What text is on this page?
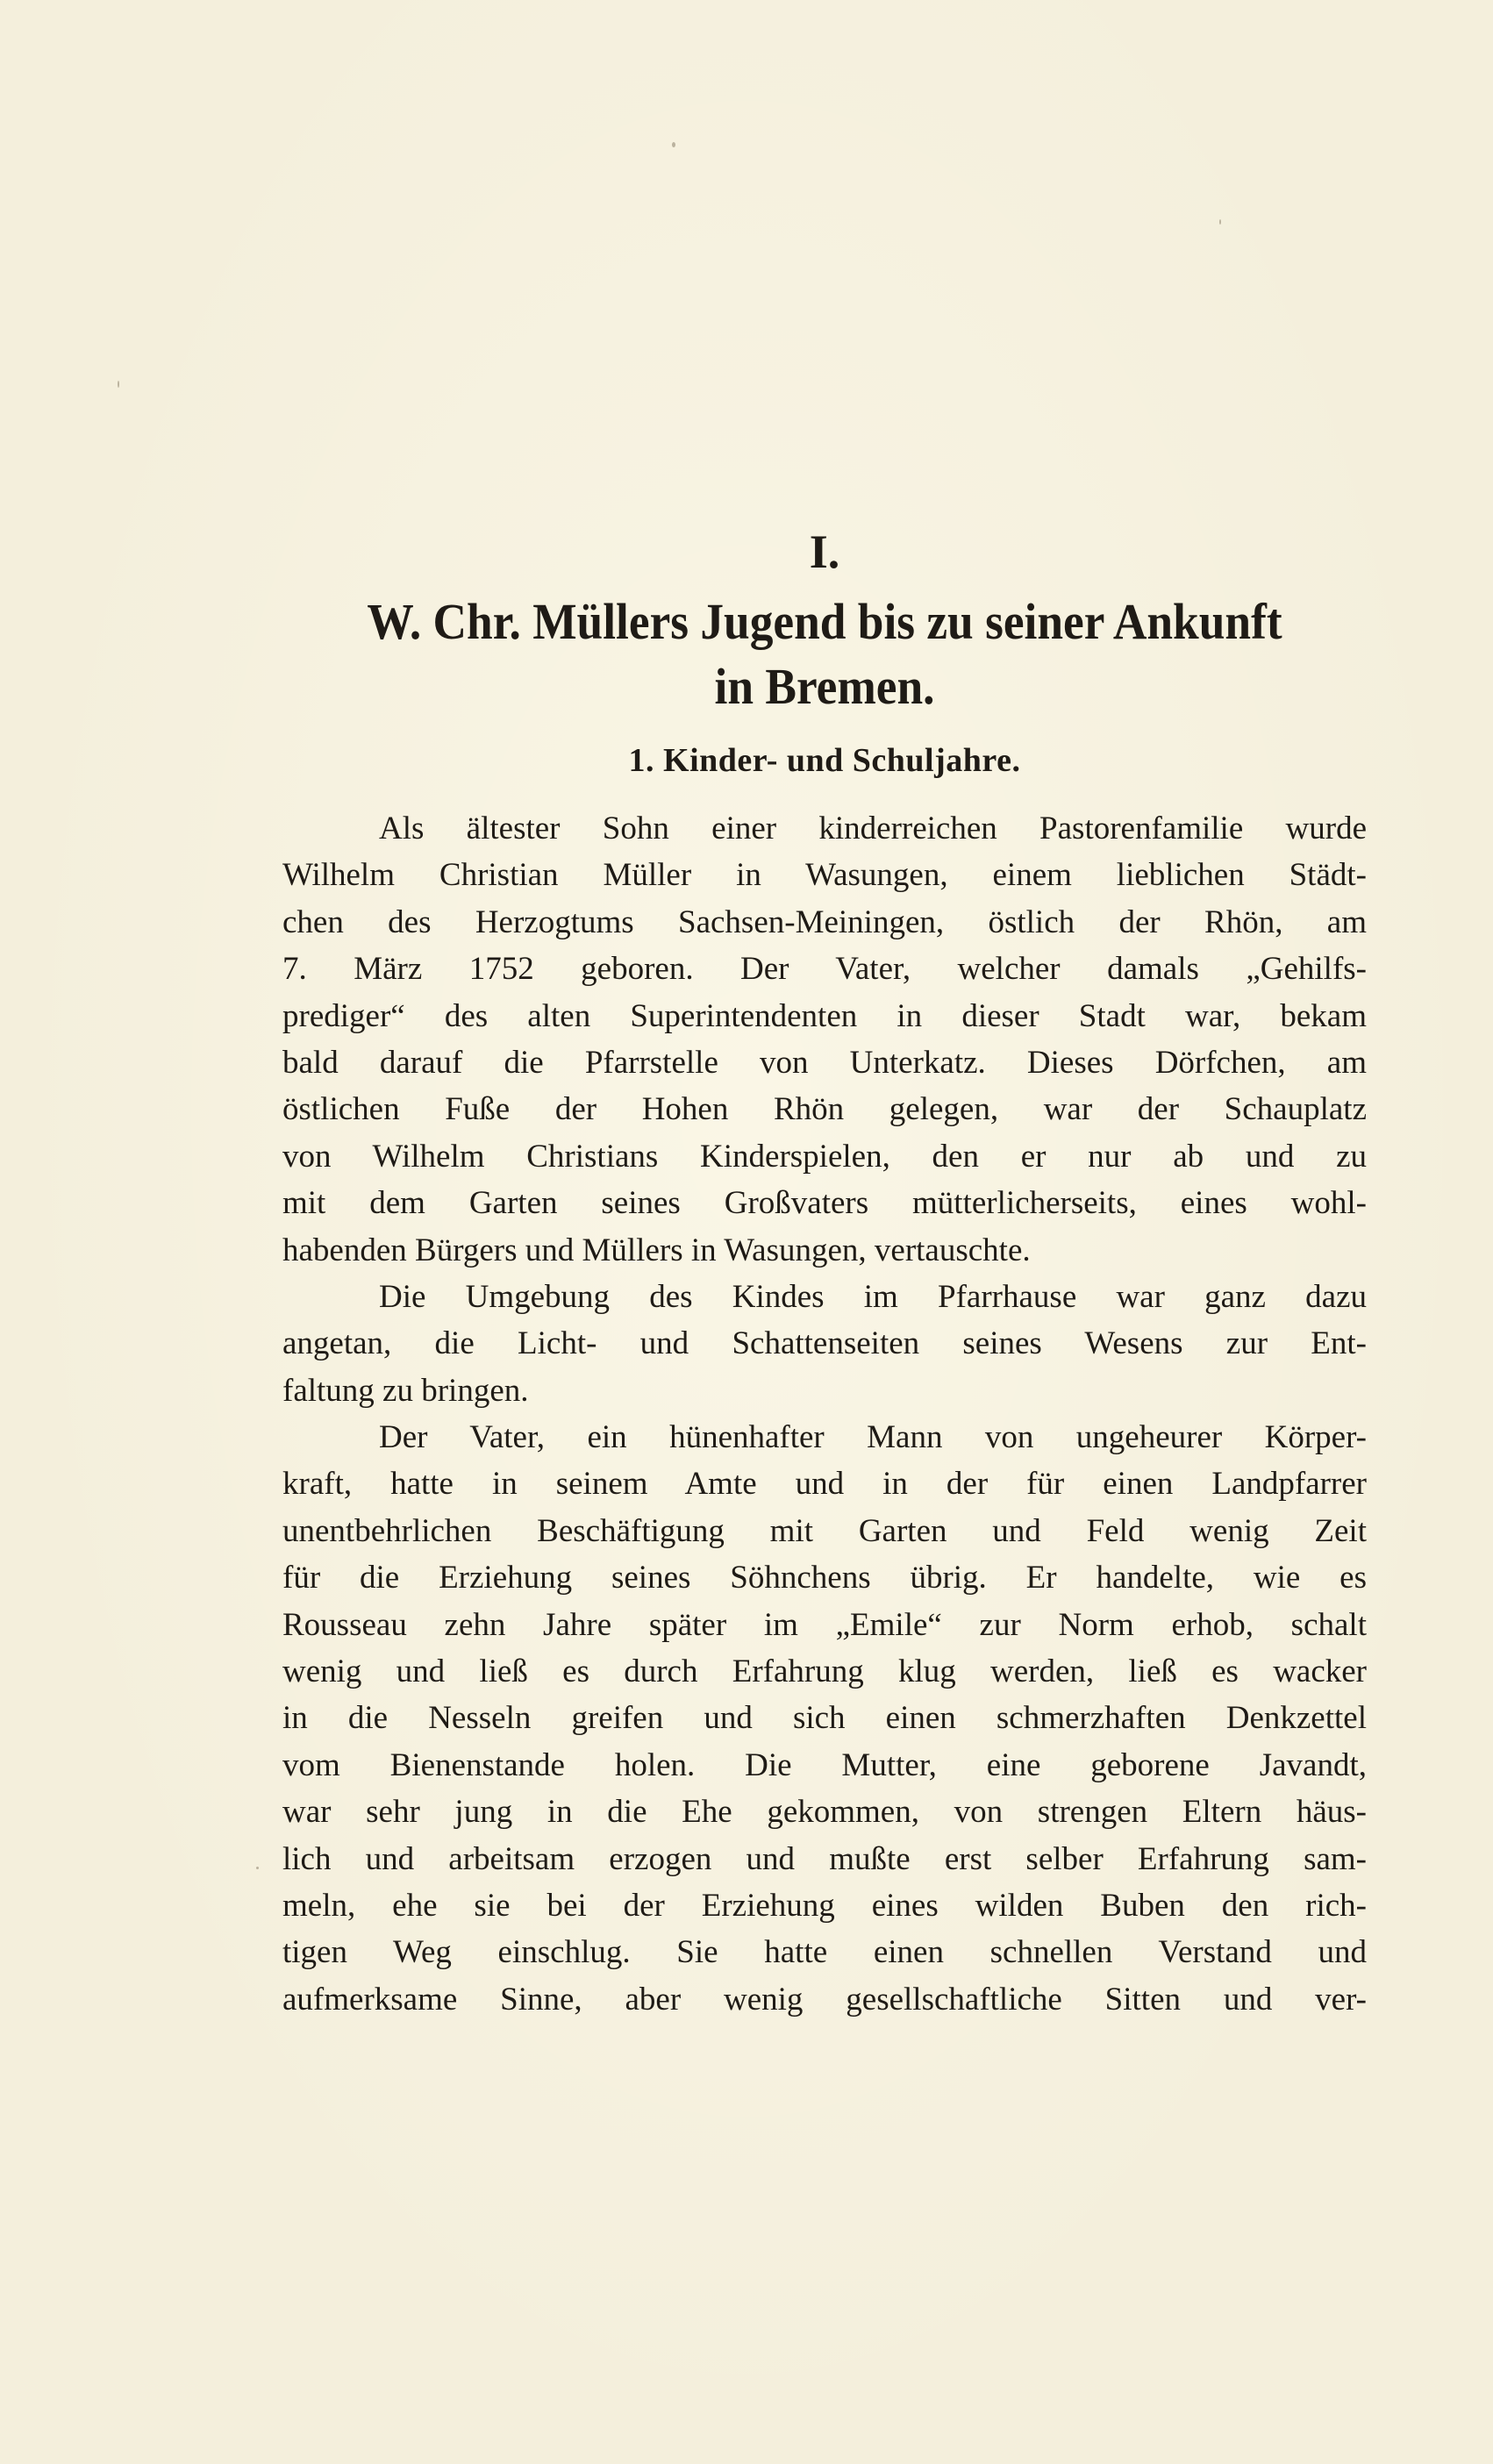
I.
W. Chr. Müllers Jugend bis zu seiner Ankunft
in Bremen.
1. Kinder- und Schuljahre.
Als ältester Sohn einer kinderreichen Pastorenfamilie wurde
Wilhelm Christian Müller in Wasungen, einem lieblichen Städt-
chen des Herzogtums Sachsen-Meiningen, östlich der Rhön, am
7. März 1752 geboren. Der Vater, welcher damals „Gehilfs-
prediger“ des alten Superintendenten in dieser Stadt war, bekam
bald darauf die Pfarrstelle von Unterkatz. Dieses Dörfchen, am
östlichen Fuße der Hohen Rhön gelegen, war der Schauplatz
von Wilhelm Christians Kinderspielen, den er nur ab und zu
mit dem Garten seines Großvaters mütterlicherseits, eines wohl-
habenden Bürgers und Müllers in Wasungen, vertauschte.
Die Umgebung des Kindes im Pfarrhause war ganz dazu
angetan, die Licht- und Schattenseiten seines Wesens zur Ent-
faltung zu bringen.
Der Vater, ein hünenhafter Mann von ungeheurer Körper-
kraft, hatte in seinem Amte und in der für einen Landpfarrer
unentbehrlichen Beschäftigung mit Garten und Feld wenig Zeit
für die Erziehung seines Söhnchens übrig. Er handelte, wie es
Rousseau zehn Jahre später im „Emile“ zur Norm erhob, schalt
wenig und ließ es durch Erfahrung klug werden, ließ es wacker
in die Nesseln greifen und sich einen schmerzhaften Denkzettel
vom Bienenstande holen. Die Mutter, eine geborene Javandt,
war sehr jung in die Ehe gekommen, von strengen Eltern häus-
lich und arbeitsam erzogen und mußte erst selber Erfahrung sam-
meln, ehe sie bei der Erziehung eines wilden Buben den rich-
tigen Weg einschlug. Sie hatte einen schnellen Verstand und
aufmerksame Sinne, aber wenig gesellschaftliche Sitten und ver-
